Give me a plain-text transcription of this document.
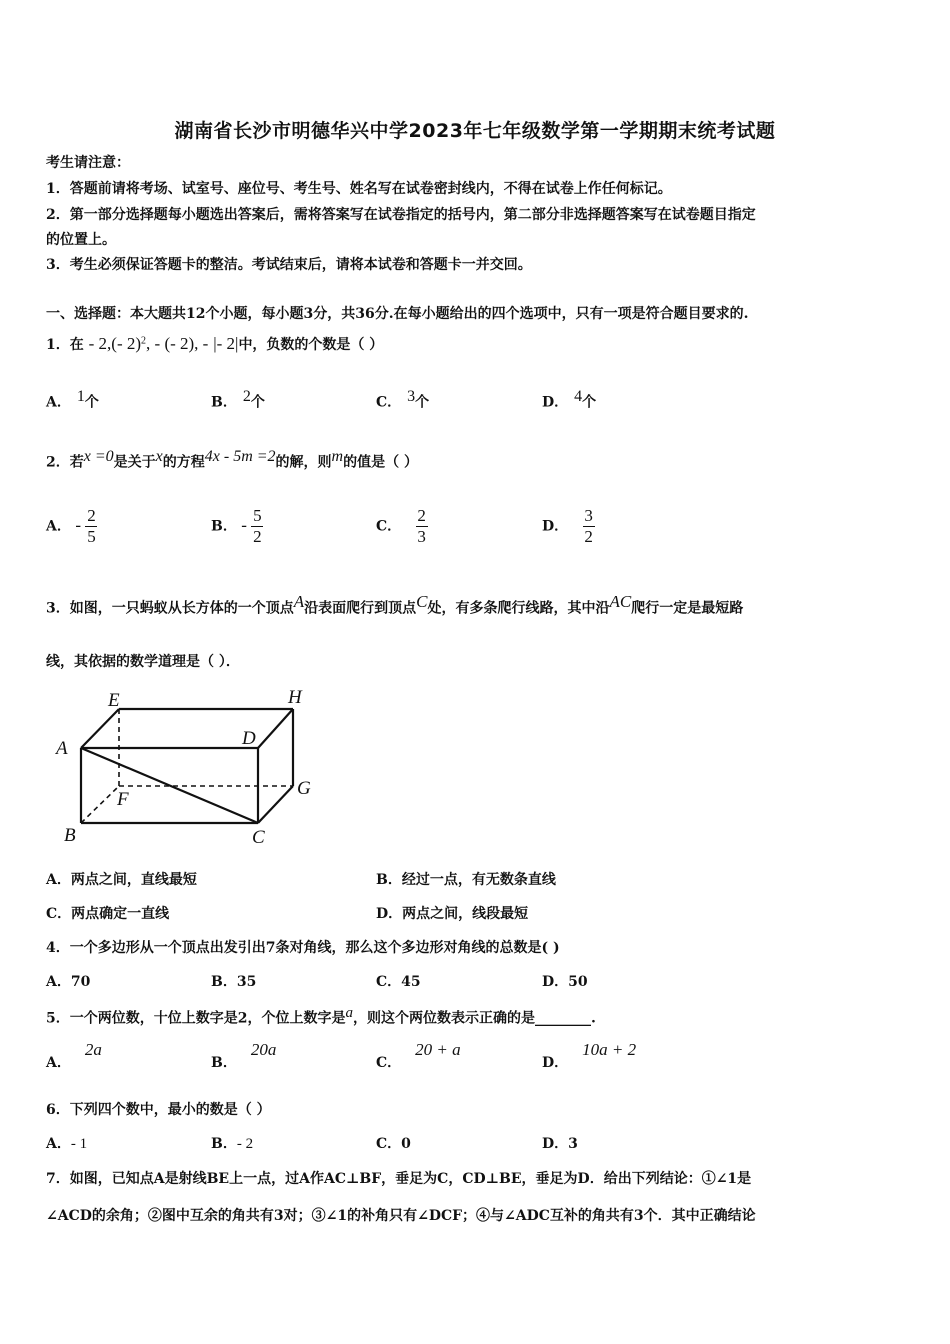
湖南省长沙市明德华兴中学2023年七年级数学第一学期期末统考试题
考生请注意：
1．答题前请将考场、试室号、座位号、考生号、姓名写在试卷密封线内，不得在试卷上作任何标记。
2．第一部分选择题每小题选出答案后，需将答案写在试卷指定的括号内，第二部分非选择题答案写在试卷题目指定
的位置上。
3．考生必须保证答题卡的整洁。考试结束后，请将本试卷和答题卡一并交回。
一、选择题：本大题共12个小题，每小题3分，共36分.在每小题给出的四个选项中，只有一项是符合题目要求的.
1．在 - 2,(- 2)$^2$, - (- 2), - |- 2|中，负数的个数是（ ）
A． $^1$个	B． $^2$个	C． $^3$个	D． $^4$个
2．若$^{x =0}$是关于$^x$的方程$^{4x - 5m =2}$的解，则$^m$的值是（ ）
A． - $\frac{2}{5}$	B． - $\frac{5}{2}$	C． $\frac{2}{3}$	D． $\frac{3}{2}$
3．如图，一只蚂蚁从长方体的一个顶点$^A$沿表面爬行到顶点$^C$处，有多条爬行线路，其中沿$^{AC}$爬行一定是最短路
线，其依据的数学道理是（ ）．
A
E	H
D
F
G
B	C
A．两点之间，直线最短	B．经过一点，有无数条直线
C．两点确定一直线	D．两点之间，线段最短
4．一个多边形从一个顶点出发引出7条对角线，那么这个多边形对角线的总数是( )
A．70	B．35	C．45	D．50
5．一个两位数，十位上数字是2，个位上数字是$^a$，则这个两位数表示正确的是________.
A．2a
B．20a
C．20 + a
D．10a + 2
6．下列四个数中，最小的数是（ ）
A．- 1	B．- 2	C．0	D．3
7．如图，已知点A是射线BE上一点，过A作AC⊥BF，垂足为C，CD⊥BE，垂足为D．给出下列结论：①∠1是
∠ACD的余角；②图中互余的角共有3对；③∠1的补角只有∠DCF；④与∠ADC互补的角共有3个．其中正确结论
